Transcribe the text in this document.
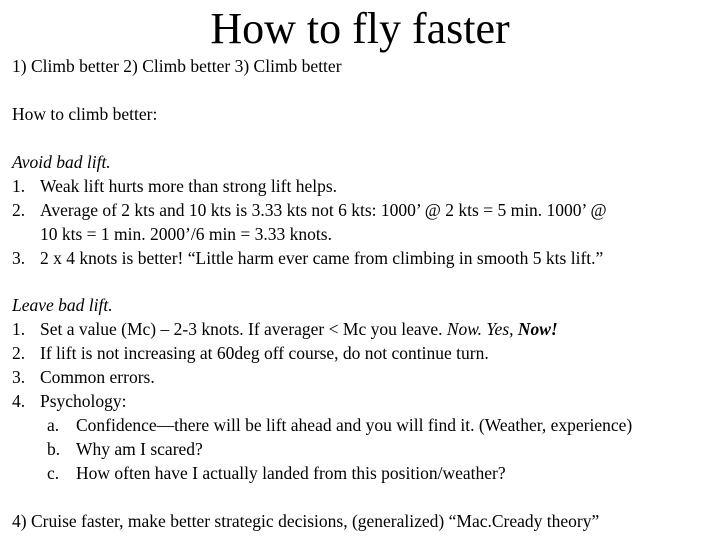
How to fly faster
1) Climb better 2) Climb better 3) Climb better
How to climb better:
Avoid bad lift.
1. Weak lift hurts more than strong lift helps.
2. Average of 2 kts and 10 kts is 3.33 kts not 6 kts: 1000’ @ 2 kts = 5 min. 1000’ @
10 kts = 1 min. 2000’/6 min = 3.33 knots.
3. 2 x 4 knots is better! “Little harm ever came from climbing in smooth 5 kts lift.”
Leave bad lift.
1. Set a value (Mc) – 2-3 knots. If averager < Mc you leave. Now. Yes, Now!
2. If lift is not increasing at 60deg off course, do not continue turn.
3. Common errors.
4. Psychology:
a. Confidence—there will be lift ahead and you will find it. (Weather, experience)
b. Why am I scared?
c. How often have I actually landed from this position/weather?
4) Cruise faster, make better strategic decisions, (generalized) “Mac.Cready theory”
